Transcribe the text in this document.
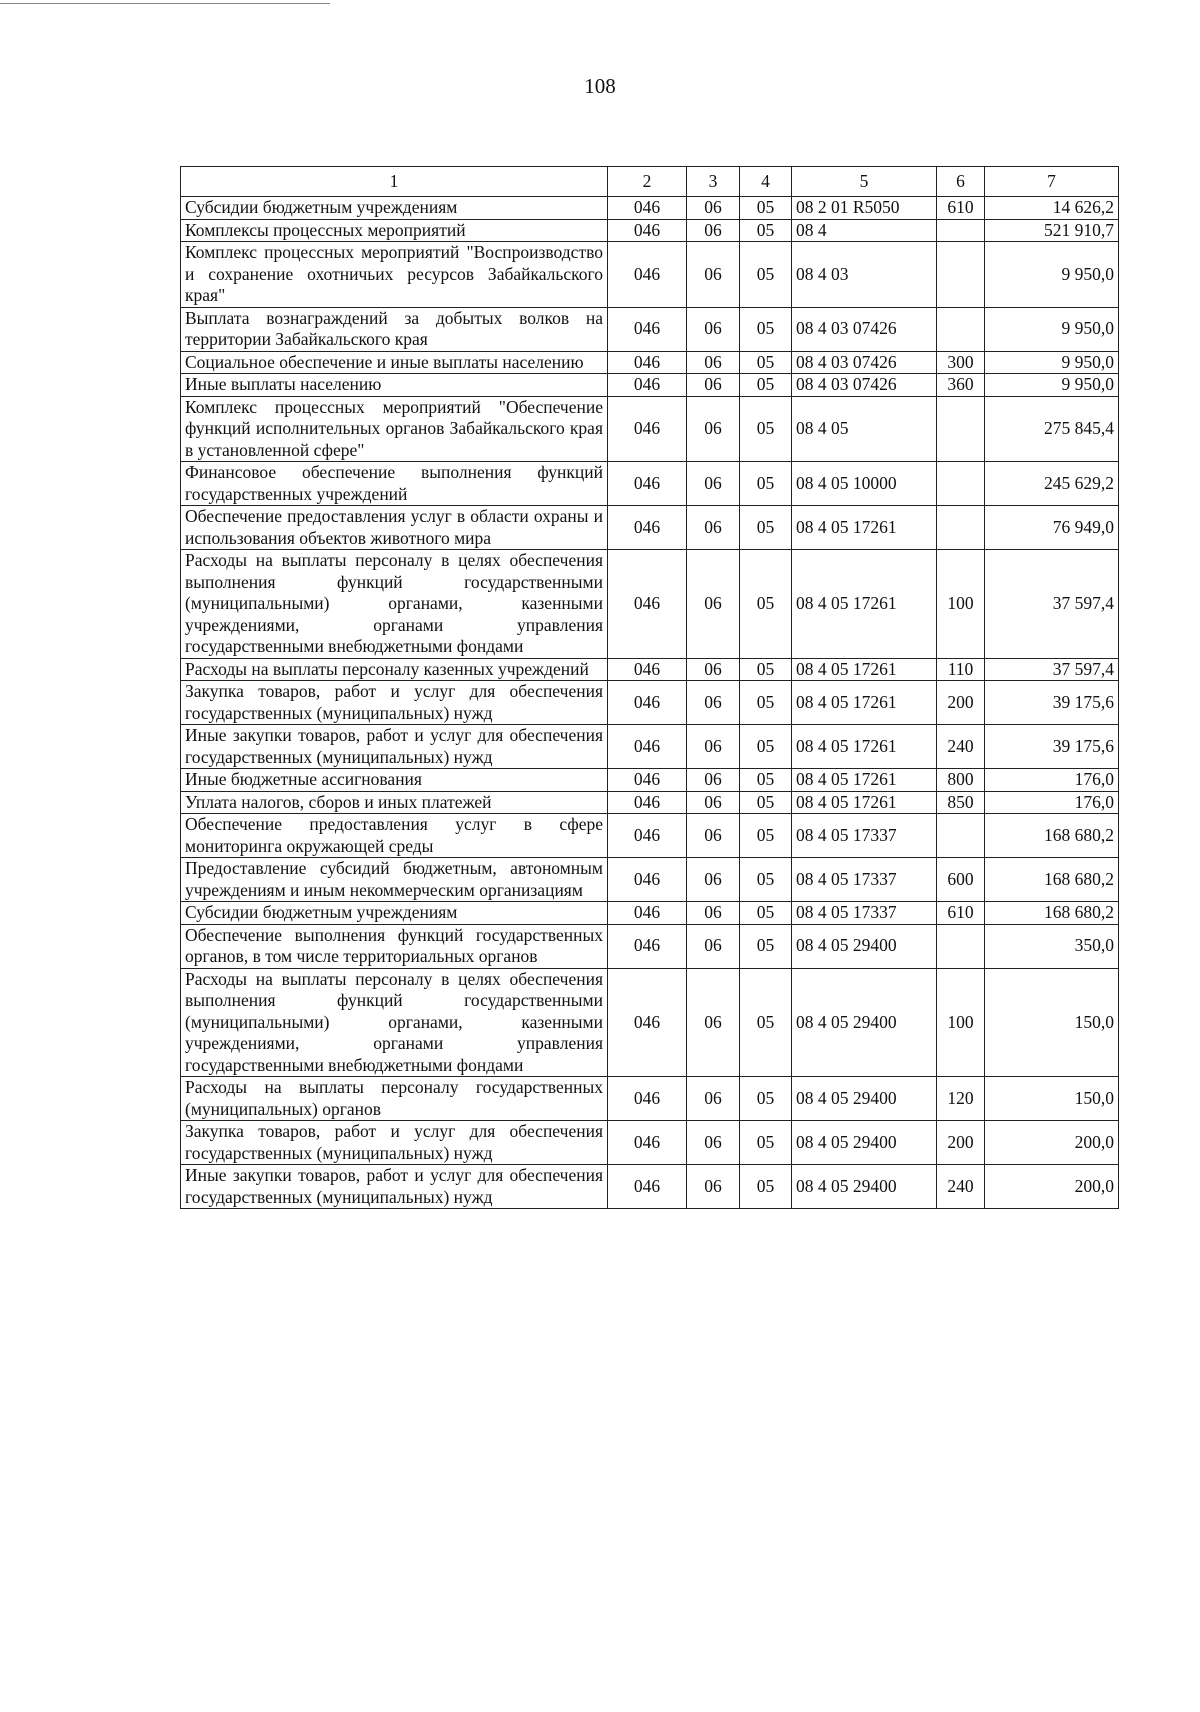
108
1	2	3	4	5	6	7
Субсидии бюджетным учреждениям	046	06	05	08 2 01 R5050	610	14 626,2
Комплексы процессных мероприятий	046	06	05	08 4		521 910,7
Комплекс процессных мероприятий "Воспроизводство и сохранение охотничьих ресурсов Забайкальского края"	046	06	05	08 4 03		9 950,0
Выплата вознаграждений за добытых волков на территории Забайкальского края	046	06	05	08 4 03 07426		9 950,0
Социальное обеспечение и иные выплаты населению	046	06	05	08 4 03 07426	300	9 950,0
Иные выплаты населению	046	06	05	08 4 03 07426	360	9 950,0
Комплекс процессных мероприятий "Обеспечение функций исполнительных органов Забайкальского края в установленной сфере"	046	06	05	08 4 05		275 845,4
Финансовое обеспечение выполнения функций государственных учреждений	046	06	05	08 4 05 10000		245 629,2
Обеспечение предоставления услуг в области охраны и использования объектов животного мира	046	06	05	08 4 05 17261		76 949,0
Расходы на выплаты персоналу в целях обеспечения выполнения функций государственными (муниципальными) органами, казенными учреждениями, органами управления государственными внебюджетными фондами	046	06	05	08 4 05 17261	100	37 597,4
Расходы на выплаты персоналу казенных учреждений	046	06	05	08 4 05 17261	110	37 597,4
Закупка товаров, работ и услуг для обеспечения государственных (муниципальных) нужд	046	06	05	08 4 05 17261	200	39 175,6
Иные закупки товаров, работ и услуг для обеспечения государственных (муниципальных) нужд	046	06	05	08 4 05 17261	240	39 175,6
Иные бюджетные ассигнования	046	06	05	08 4 05 17261	800	176,0
Уплата налогов, сборов и иных платежей	046	06	05	08 4 05 17261	850	176,0
Обеспечение предоставления услуг в сфере мониторинга окружающей среды	046	06	05	08 4 05 17337		168 680,2
Предоставление субсидий бюджетным, автономным учреждениям и иным некоммерческим организациям	046	06	05	08 4 05 17337	600	168 680,2
Субсидии бюджетным учреждениям	046	06	05	08 4 05 17337	610	168 680,2
Обеспечение выполнения функций государственных органов, в том числе территориальных органов	046	06	05	08 4 05 29400		350,0
Расходы на выплаты персоналу в целях обеспечения выполнения функций государственными (муниципальными) органами, казенными учреждениями, органами управления государственными внебюджетными фондами	046	06	05	08 4 05 29400	100	150,0
Расходы на выплаты персоналу государственных (муниципальных) органов	046	06	05	08 4 05 29400	120	150,0
Закупка товаров, работ и услуг для обеспечения государственных (муниципальных) нужд	046	06	05	08 4 05 29400	200	200,0
Иные закупки товаров, работ и услуг для обеспечения государственных (муниципальных) нужд	046	06	05	08 4 05 29400	240	200,0
